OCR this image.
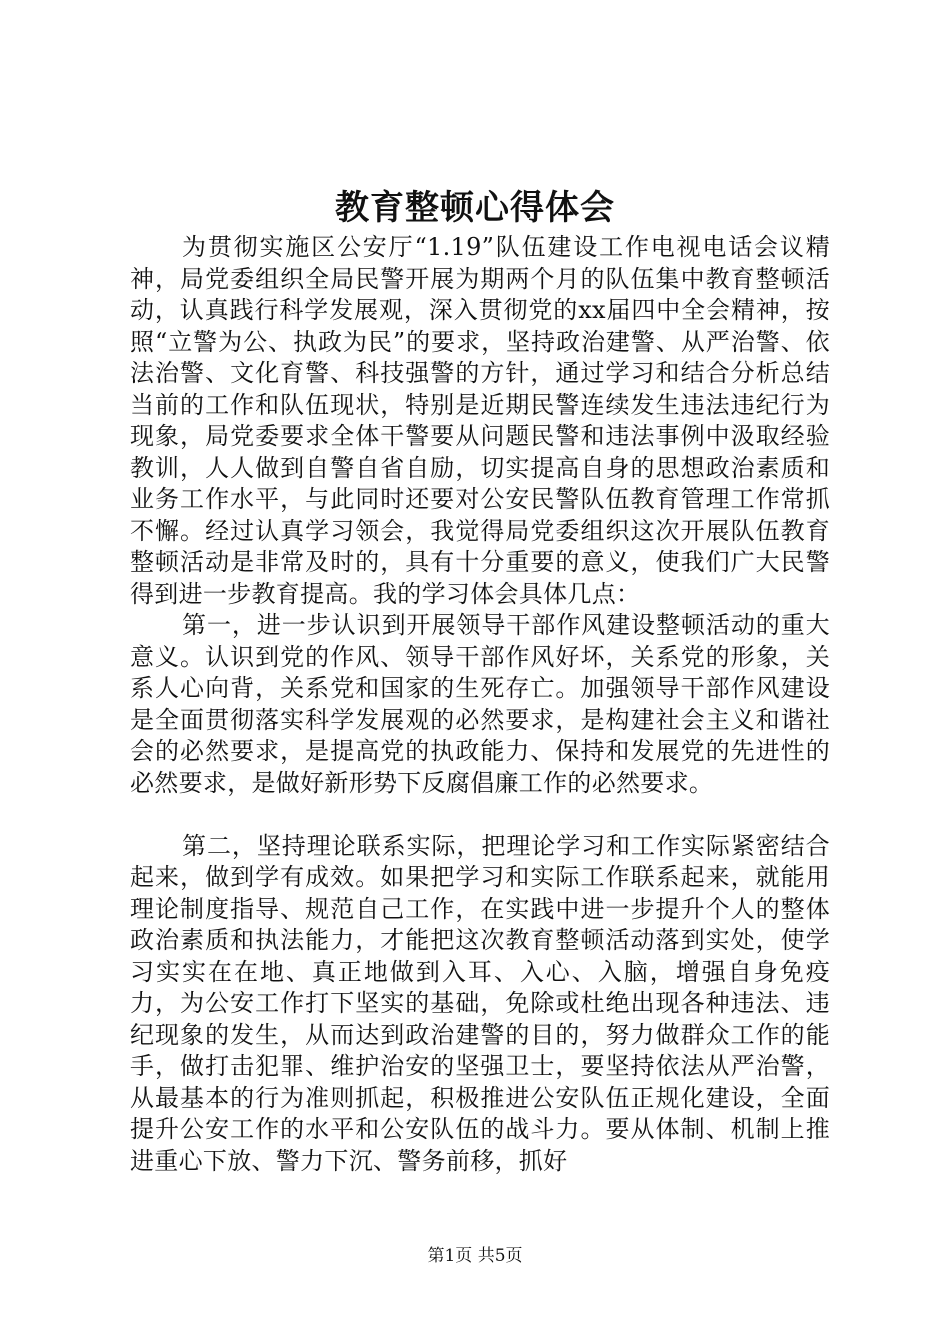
教育整顿心得体会

为贯彻实施区公安厅“1.19”队伍建设工作电视电话会议精神，局党委组织全局民警开展为期两个月的队伍集中教育整顿活动，认真践行科学发展观，深入贯彻党的xx届四中全会精神，按照“立警为公、执政为民”的要求，坚持政治建警、从严治警、依法治警、文化育警、科技强警的方针，通过学习和结合分析总结当前的工作和队伍现状，特别是近期民警连续发生违法违纪行为现象，局党委要求全体干警要从问题民警和违法事例中汲取经验教训，人人做到自警自省自励，切实提高自身的思想政治素质和业务工作水平，与此同时还要对公安民警队伍教育管理工作常抓不懈。经过认真学习领会，我觉得局党委组织这次开展队伍教育整顿活动是非常及时的，具有十分重要的意义，使我们广大民警得到进一步教育提高。我的学习体会具体几点：

第一，进一步认识到开展领导干部作风建设整顿活动的重大意义。认识到党的作风、领导干部作风好坏，关系党的形象，关系人心向背，关系党和国家的生死存亡。加强领导干部作风建设是全面贯彻落实科学发展观的必然要求，是构建社会主义和谐社会的必然要求，是提高党的执政能力、保持和发展党的先进性的必然要求，是做好新形势下反腐倡廉工作的必然要求。

第二，坚持理论联系实际，把理论学习和工作实际紧密结合起来，做到学有成效。如果把学习和实际工作联系起来，就能用理论制度指导、规范自己工作，在实践中进一步提升个人的整体政治素质和执法能力，才能把这次教育整顿活动落到实处，使学习实实在在地、真正地做到入耳、入心、入脑，增强自身免疫力，为公安工作打下坚实的基础，免除或杜绝出现各种违法、违纪现象的发生，从而达到政治建警的目的，努力做群众工作的能手，做打击犯罪、维护治安的坚强卫士，要坚持依法从严治警，从最基本的行为准则抓起，积极推进公安队伍正规化建设，全面提升公安工作的水平和公安队伍的战斗力。要从体制、机制上推进重心下放、警力下沉、警务前移，抓好

第1页 共5页
